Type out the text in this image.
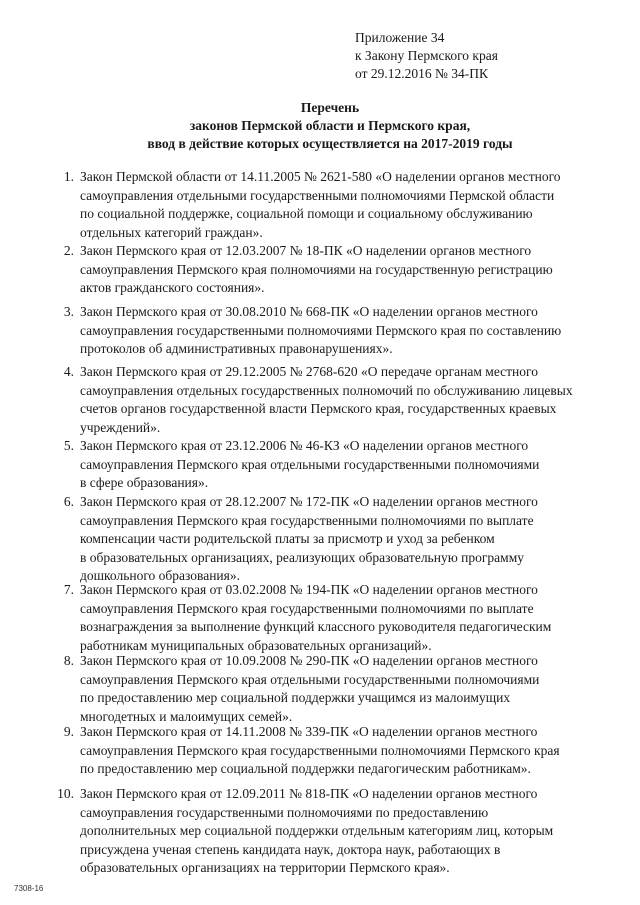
Приложение 34
к Закону Пермского края
от 29.12.2016 № 34-ПК
Перечень
законов Пермской области и Пермского края,
ввод в действие которых осуществляется на 2017-2019 годы
1. Закон Пермской области от 14.11.2005 № 2621-580 «О наделении органов местного
самоуправления отдельными государственными полномочиями Пермской области
по социальной поддержке, социальной помощи и социальному обслуживанию
отдельных категорий граждан».
2. Закон Пермского края от 12.03.2007 № 18-ПК «О наделении органов местного
самоуправления Пермского края полномочиями на государственную регистрацию
актов гражданского состояния».
3. Закон Пермского края от 30.08.2010 № 668-ПК «О наделении органов местного
самоуправления государственными полномочиями Пермского края по составлению
протоколов об административных правонарушениях».
4. Закон Пермского края от 29.12.2005 № 2768-620 «О передаче органам местного
самоуправления отдельных государственных полномочий по обслуживанию лицевых
счетов органов государственной власти Пермского края, государственных краевых
учреждений».
5. Закон Пермского края от 23.12.2006 № 46-КЗ «О наделении органов местного
самоуправления Пермского края отдельными государственными полномочиями
в сфере образования».
6. Закон Пермского края от 28.12.2007 № 172-ПК «О наделении органов местного
самоуправления Пермского края государственными полномочиями по выплате
компенсации части родительской платы за присмотр и уход за ребенком
в образовательных организациях, реализующих образовательную программу
дошкольного образования».
7. Закон Пермского края от 03.02.2008 № 194-ПК «О наделении органов местного
самоуправления Пермского края государственными полномочиями по выплате
вознаграждения за выполнение функций классного руководителя педагогическим
работникам муниципальных образовательных организаций».
8. Закон Пермского края от 10.09.2008 № 290-ПК «О наделении органов местного
самоуправления Пермского края отдельными государственными полномочиями
по предоставлению мер социальной поддержки учащимся из малоимущих
многодетных и малоимущих семей».
9. Закон Пермского края от 14.11.2008 № 339-ПК «О наделении органов местного
самоуправления Пермского края государственными полномочиями Пермского края
по предоставлению мер социальной поддержки педагогическим работникам».
10. Закон Пермского края от 12.09.2011 № 818-ПК «О наделении органов местного
самоуправления государственными полномочиями по предоставлению
дополнительных мер социальной поддержки отдельным категориям лиц, которым
присуждена ученая степень кандидата наук, доктора наук, работающих в
образовательных организациях на территории Пермского края».
7308-16
